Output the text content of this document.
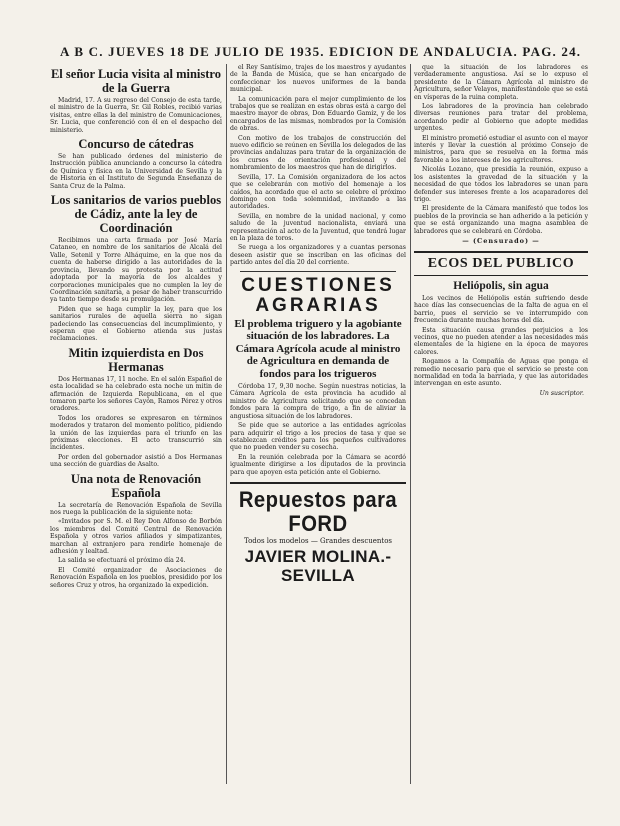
A B C. JUEVES 18 DE JULIO DE 1935. EDICION DE ANDALUCIA. PAG. 24.
El señor Lucia visita al ministro de la Guerra

Madrid, 17. A su regreso del Consejo de esta tarde, el ministro de la Guerra, Sr. Gil Robles, recibió varias visitas, entre ellas la del ministro de Comunicaciones, Sr. Lucia, que conferenció con él en el despacho del ministerio.

Concurso de cátedras

Se han publicado órdenes del ministerio de Instrucción pública anunciando a concurso la cátedra de Química y física en la Universidad de Sevilla y la de Historia en el Instituto de Segunda Enseñanza de Santa Cruz de la Palma.

Los sanitarios de varios pueblos de Cádiz, ante la ley de Coordinación

Recibimos una carta firmada por José María Cataneo, en nombre de los sanitarios de Alcalá del Valle, Setenil y Torre Alháquime, en la que nos da cuenta de haberse dirigido a las autoridades de la provincia, llevando su protesta por la actitud adoptada por la mayoría de los alcaldes y corporaciones municipales que no cumplen la ley de Coordinación sanitaria, a pesar de haber transcurrido ya tanto tiempo desde su promulgación.

Piden que se haga cumplir la ley, para que los sanitarios rurales de aquella sierra no sigan padeciendo las consecuencias del incumplimiento, y esperan que el Gobierno atienda sus justas reclamaciones.

Mitin izquierdista en Dos Hermanas

Dos Hermanas 17, 11 noche. En el salón Español de esta localidad se ha celebrado esta noche un mitin de afirmación de Izquierda Republicana, en el que tomaron parte los señores Cayón, Ramos Pérez y otros oradores.

Todos los oradores se expresaron en términos moderados y trataron del momento político, pidiendo la unión de las izquierdas para el triunfo en las próximas elecciones. El acto transcurrió sin incidentes.

Por orden del gobernador asistió a Dos Hermanas una sección de guardias de Asalto.

Una nota de Renovación Española

La secretaría de Renovación Española de Sevilla nos ruega la publicación de la siguiente nota:

«Invitados por S. M. el Rey Don Alfonso de Borbón los miembros del Comité Central de Renovación Española y otros varios afiliados y simpatizantes, marchan al extranjero para rendirle homenaje de adhesión y lealtad.

La salida se efectuará el próximo día 24.

El Comité organizador de Asociaciones de Renovación Española en los pueblos, presidido por los señores Cruz y otros, ha organizado la expedición.

el Rey Santísimo, trajes de los maestros y ayudantes de la Banda de Música, que se han encargado de confeccionar los nuevos uniformes de la banda municipal.

La comunicación para el mejor cumplimiento de los trabajos que se realizan en estas obras está a cargo del maestro mayor de obras, Don Eduardo Gamiz, y de los encargados de las mismas, nombrados por la Comisión de obras.

Con motivo de los trabajos de construcción del nuevo edificio se reúnen en Sevilla los delegados de las provincias andaluzas para tratar de la organización de los cursos de orientación profesional y del nombramiento de los maestros que han de dirigirlos.

Sevilla, 17. La Comisión organizadora de los actos que se celebrarán con motivo del homenaje a los caídos, ha acordado que el acto se celebre el próximo domingo con toda solemnidad, invitando a las autoridades.

Sevilla, en nombre de la unidad nacional, y como saludo de la juventud nacionalista, enviará una representación al acto de la Juventud, que tendrá lugar en la plaza de toros.

Se ruega a los organizadores y a cuantas personas deseen asistir que se inscriban en las oficinas del partido antes del día 20 del corriente.

CUESTIONES AGRARIAS
El problema triguero y la agobiante situación de los labradores. La Cámara Agrícola acude al ministro de Agricultura en demanda de fondos para los trigueros

Córdoba 17, 9,30 noche. Según nuestras noticias, la Cámara Agrícola de esta provincia ha acudido al ministro de Agricultura solicitando que se concedan fondos para la compra de trigo, a fin de aliviar la angustiosa situación de los labradores.

Se pide que se autorice a las entidades agrícolas para adquirir el trigo a los precios de tasa y que se establezcan créditos para los pequeños cultivadores que no pueden vender su cosecha.

En la reunión celebrada por la Cámara se acordó igualmente dirigirse a los diputados de la provincia para que apoyen esta petición ante el Gobierno.

Repuestos para FORD
Todos los modelos — Grandes descuentos
JAVIER MOLINA.-SEVILLA

que la situación de los labradores es verdaderamente angustiosa. Así se lo expuso el presidente de la Cámara Agrícola al ministro de Agricultura, señor Velayos, manifestándole que se está en vísperas de la ruina completa.

Los labradores de la provincia han celebrado diversas reuniones para tratar del problema, acordando pedir al Gobierno que adopte medidas urgentes.

El ministro prometió estudiar el asunto con el mayor interés y llevar la cuestión al próximo Consejo de ministros, para que se resuelva en la forma más favorable a los intereses de los agricultores.

Nicolás Lozano, que presidía la reunión, expuso a los asistentes la gravedad de la situación y la necesidad de que todos los labradores se unan para defender sus intereses frente a los acaparadores del trigo.

El presidente de la Cámara manifestó que todos los pueblos de la provincia se han adherido a la petición y que se está organizando una magna asamblea de labradores que se celebrará en Córdoba.

— (Censurado) —
ECOS DEL PUBLICO
Heliópolis, sin agua

Los vecinos de Heliópolis están sufriendo desde hace días las consecuencias de la falta de agua en el barrio, pues el servicio se ve interrumpido con frecuencia durante muchas horas del día.

Esta situación causa grandes perjuicios a los vecinos, que no pueden atender a las necesidades más elementales de la higiene en la época de mayores calores.

Rogamos a la Compañía de Aguas que ponga el remedio necesario para que el servicio se preste con normalidad en toda la barriada, y que las autoridades intervengan en este asunto.

Un suscriptor.
